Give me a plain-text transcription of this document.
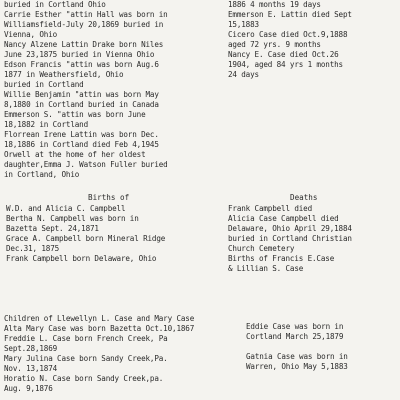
buried in Cortland Ohio
Carrie Esther "attin Hall was born in
Williamsfield-July 20,1869 buried in
Vienna, Ohio
Nancy Alzene Lattin Drake born Niles
June 23,1875 buried in Vienna Ohio
Edson Francis "attin was born Aug.6
1877 in Weathersfield, Ohio
buried in Cortland
Willie Benjamin "attin was born May
8,1880 in Cortland buried in Canada
Emmerson S. "attin was born June
18,1882 in Cortland
Florrean Irene Lattin was born Dec.
18,1886 in Cortland died Feb 4,1945
Orwell at the home of her oldest
daughter,Emma J. Watson Fuller buried
in Cortland, Ohio
1886 4 months 19 days
Emmerson E. Lattin died Sept
15,1883
Cicero Case died Oct.9,1888
aged 72 yrs. 9 months
Nancy E. Case died Oct.26
1904, aged 84 yrs 1 months
24 days
Births of	Deaths
W.D. and Alicia C. Campbell
Bertha N. Campbell was born in
Bazetta Sept. 24,1871
Grace A. Campbell born Mineral Ridge
Dec.31, 1875
Frank Campbell born Delaware, Ohio
Frank Campbell died
Alicia Case Campbell died
Delaware, Ohio April 29,1884
buried in Cortland Christian
Church Cemetery
Births of Francis E.Case
& Lillian S. Case
Children of Llewellyn L. Case and Mary Case
Alta Mary Case was born Bazetta Oct.10,1867
Freddie L. Case born French Creek, Pa
Sept.28,1869
Mary Julina Case born Sandy Creek,Pa.
Nov. 13,1874
Horatio N. Case born Sandy Creek,pa.
Aug. 9,1876
Eddie Case was born in
Cortland March 25,1879
Gatnia Case was born in
Warren, Ohio May 5,1883
